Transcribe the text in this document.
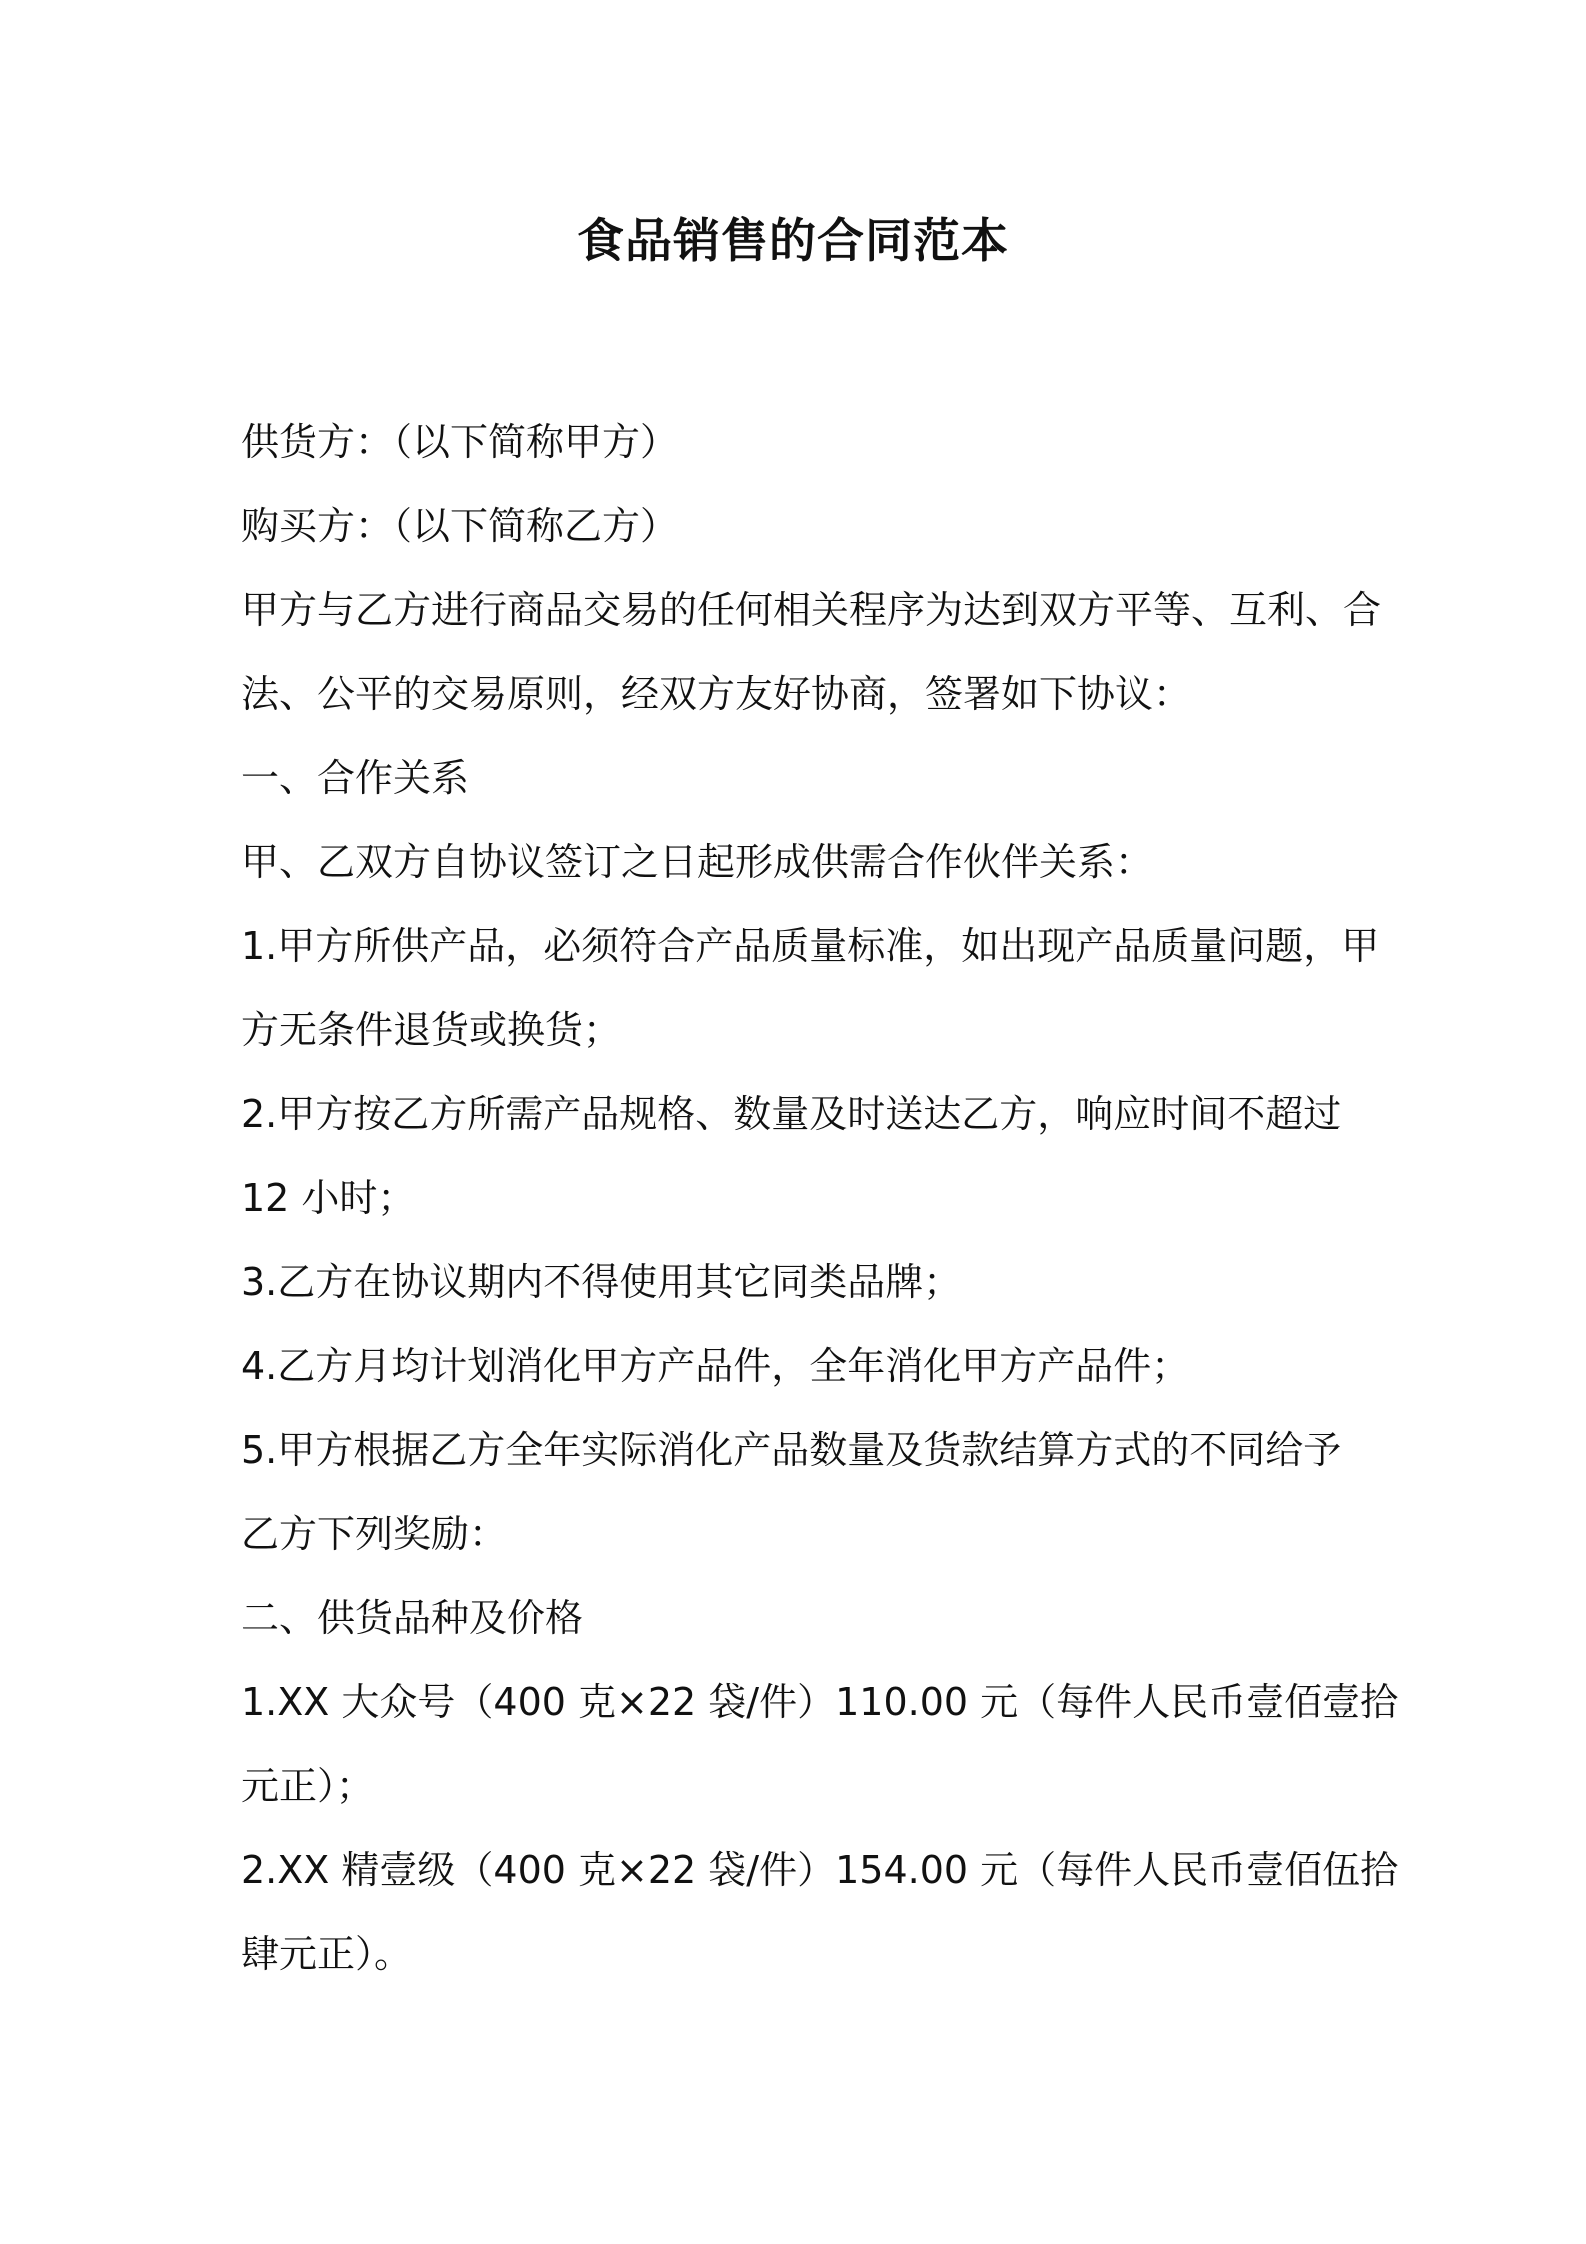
食品销售的合同范本
供货方：（以下简称甲方）
购买方：（以下简称乙方）
甲方与乙方进行商品交易的任何相关程序为达到双方平等、互利、合
法、公平的交易原则，经双方友好协商，签署如下协议：
一、合作关系
甲、乙双方自协议签订之日起形成供需合作伙伴关系：
1.甲方所供产品，必须符合产品质量标准，如出现产品质量问题，甲
方无条件退货或换货；
2.甲方按乙方所需产品规格、数量及时送达乙方，响应时间不超过
12 小时；
3.乙方在协议期内不得使用其它同类品牌；
4.乙方月均计划消化甲方产品件，全年消化甲方产品件；
5.甲方根据乙方全年实际消化产品数量及货款结算方式的不同给予
乙方下列奖励：
二、供货品种及价格
1.XX 大众号（400 克×22 袋/件）110.00 元（每件人民币壹佰壹拾
元正）；
2.XX 精壹级（400 克×22 袋/件）154.00 元（每件人民币壹佰伍拾
肆元正）。
